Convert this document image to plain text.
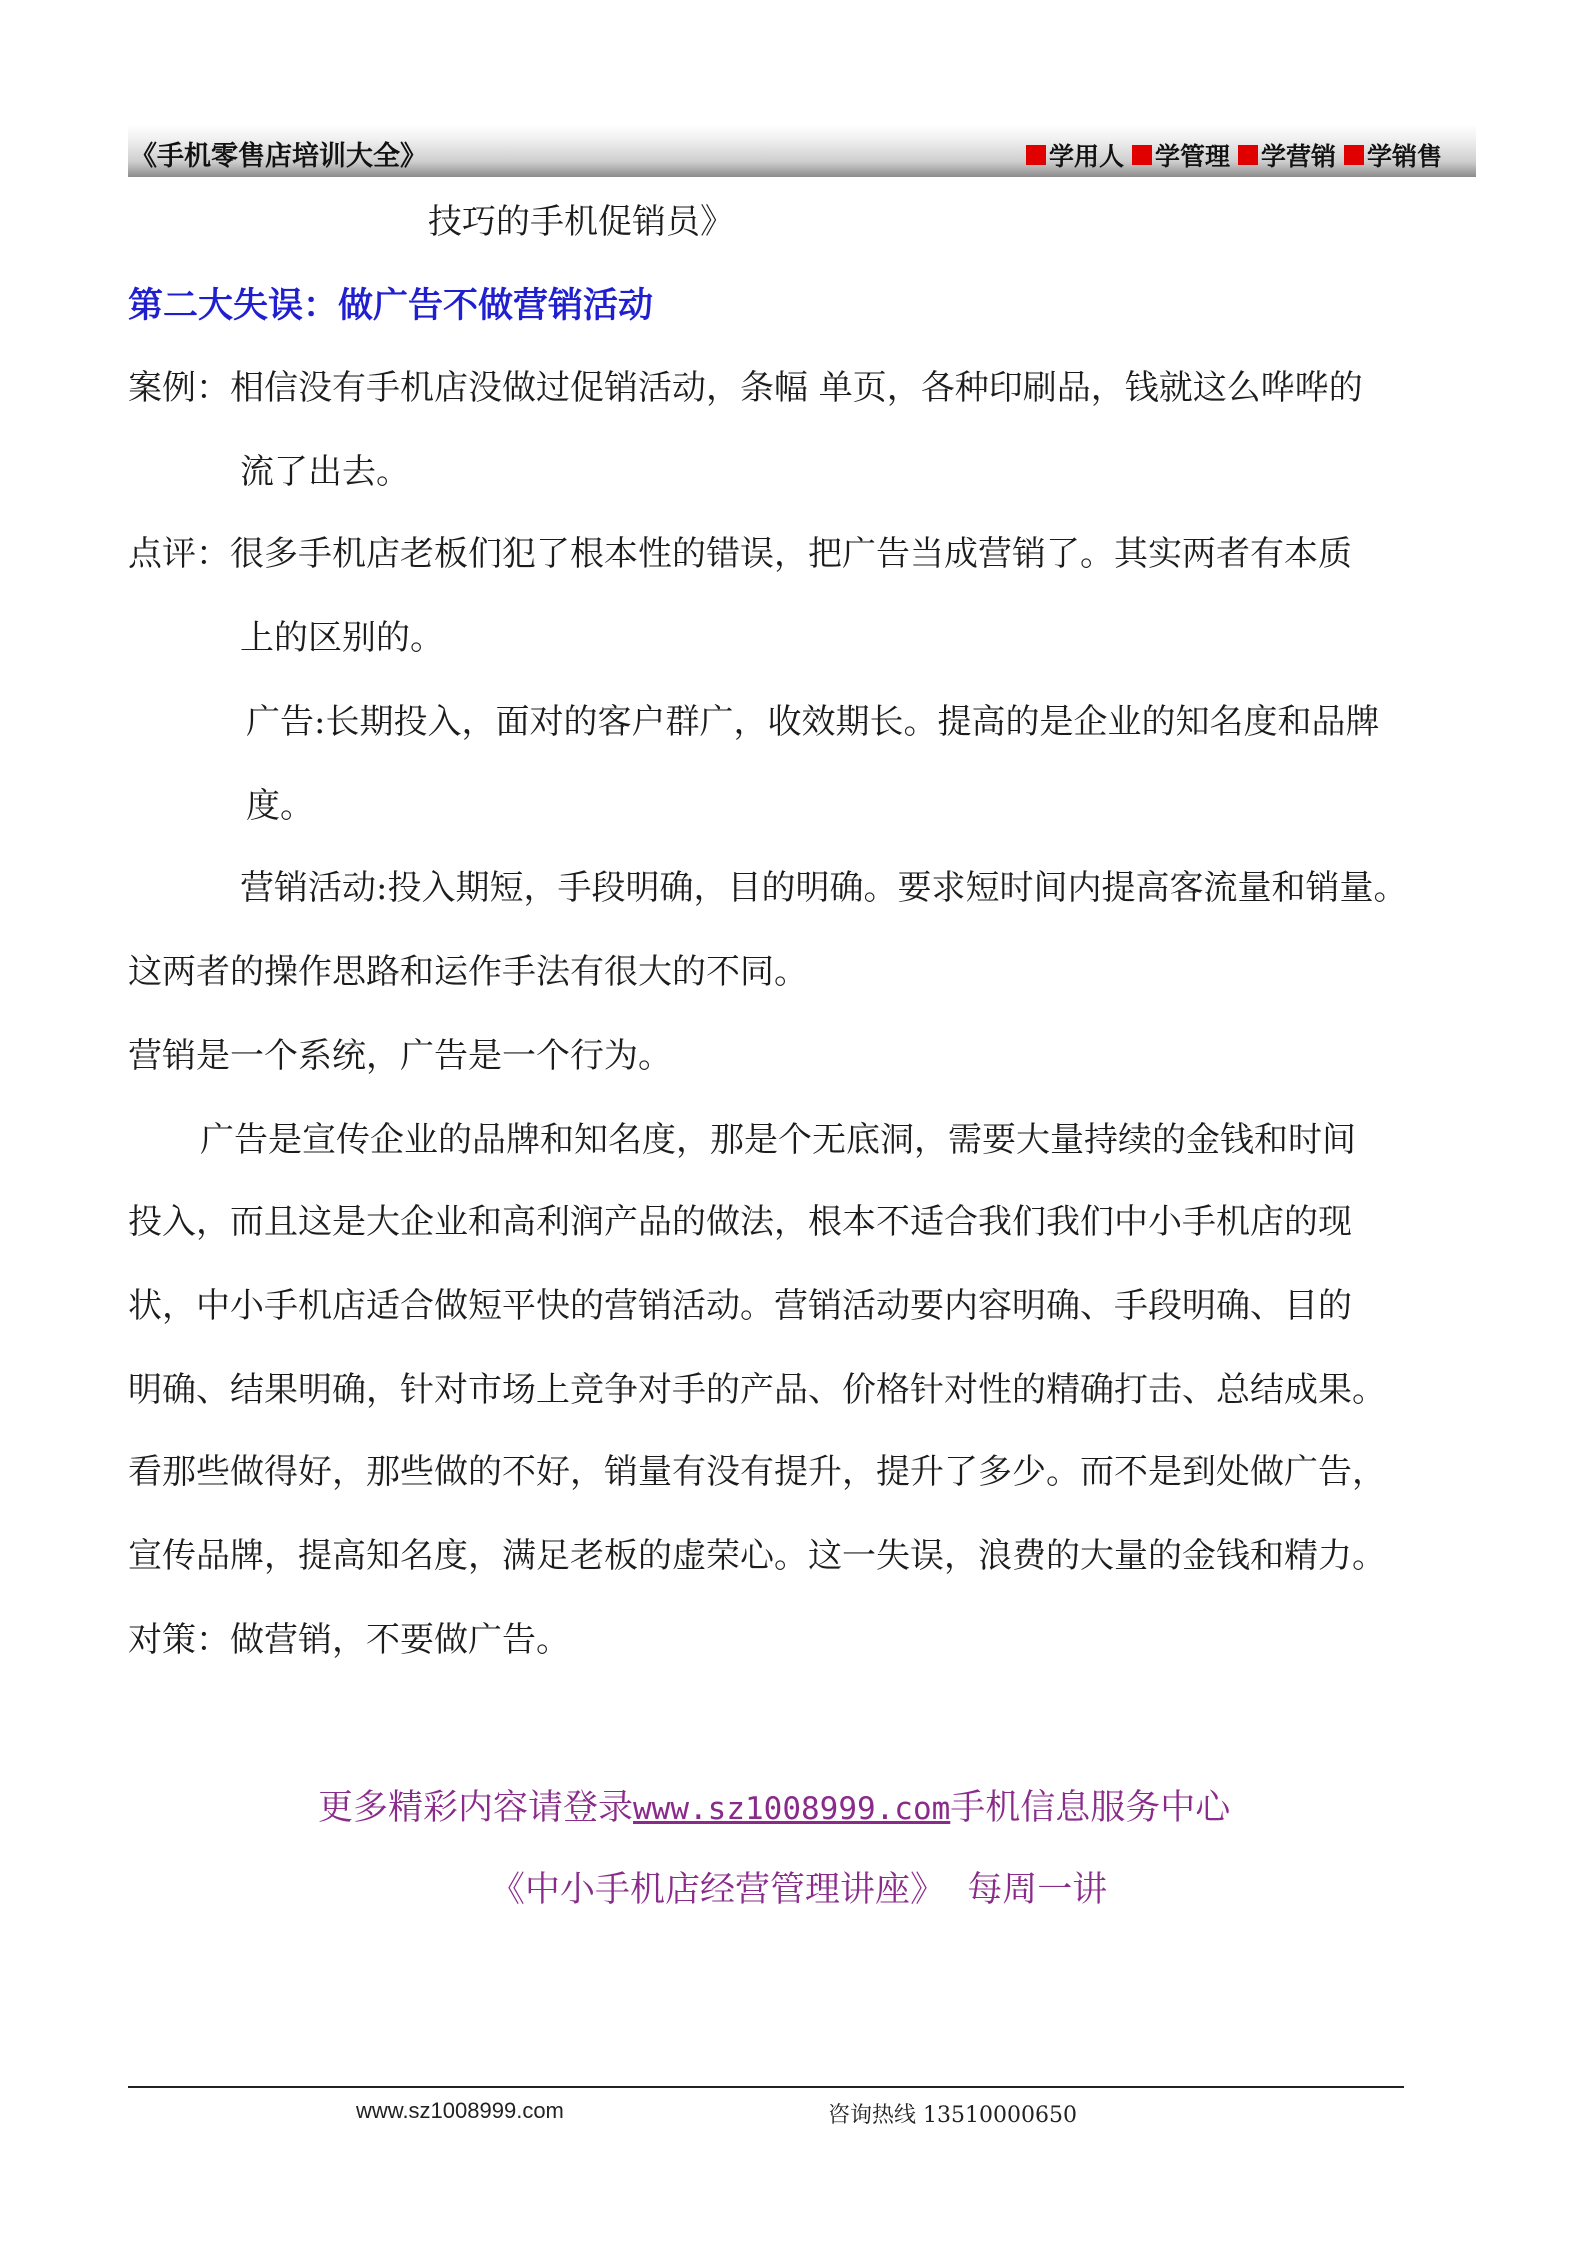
《手机零售店培训大全》	学用人 学管理 学营销 学销售
技巧的手机促销员》
第二大失误：做广告不做营销活动
案例：相信没有手机店没做过促销活动，条幅 单页，各种印刷品，钱就这么哗哗的
流了出去。
点评：很多手机店老板们犯了根本性的错误，把广告当成营销了。其实两者有本质
上的区别的。
广告:长期投入，面对的客户群广，收效期长。提高的是企业的知名度和品牌
度。
营销活动:投入期短，手段明确，目的明确。要求短时间内提高客流量和销量。
这两者的操作思路和运作手法有很大的不同。
营销是一个系统，广告是一个行为。
广告是宣传企业的品牌和知名度，那是个无底洞，需要大量持续的金钱和时间
投入，而且这是大企业和高利润产品的做法，根本不适合我们我们中小手机店的现
状，中小手机店适合做短平快的营销活动。营销活动要内容明确、手段明确、目的
明确、结果明确，针对市场上竞争对手的产品、价格针对性的精确打击、总结成果。
看那些做得好，那些做的不好，销量有没有提升，提升了多少。而不是到处做广告，
宣传品牌，提高知名度，满足老板的虚荣心。这一失误，浪费的大量的金钱和精力。
对策：做营销，不要做广告。
更多精彩内容请登录www.sz1008999.com手机信息服务中心
《中小手机店经营管理讲座》  每周一讲
www.sz1008999.com	咨询热线 13510000650
